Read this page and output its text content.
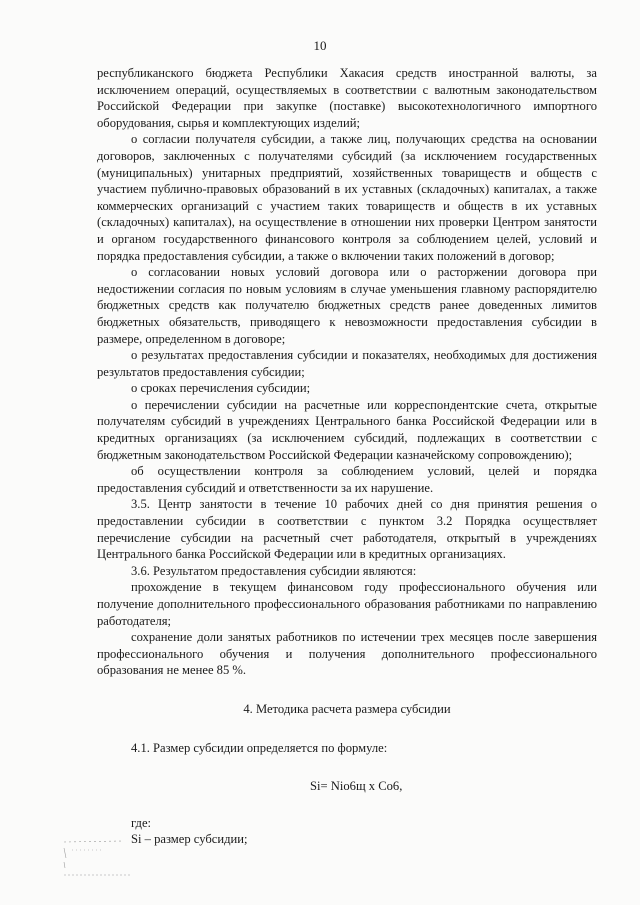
10

республиканского бюджета Республики Хакасия средств иностранной валюты, за исключением операций, осуществляемых в соответствии с валютным законодательством Российской Федерации при закупке (поставке) высокотехнологичного импортного оборудования, сырья и комплектующих изделий;

о согласии получателя субсидии, а также лиц, получающих средства на основании договоров, заключенных с получателями субсидий (за исключением государственных (муниципальных) унитарных предприятий, хозяйственных товариществ и обществ с участием публично-правовых образований в их уставных (складочных) капиталах, а также коммерческих организаций с участием таких товариществ и обществ в их уставных (складочных) капиталах), на осуществление в отношении них проверки Центром занятости и органом государственного финансового контроля за соблюдением целей, условий и порядка предоставления субсидии, а также о включении таких положений в договор;

о согласовании новых условий договора или о расторжении договора при недостижении согласия по новым условиям в случае уменьшения главному распорядителю бюджетных средств как получателю бюджетных средств ранее доведенных лимитов бюджетных обязательств, приводящего к невозможности предоставления субсидии в размере, определенном в договоре;

о результатах предоставления субсидии и показателях, необходимых для достижения результатов предоставления субсидии;

о сроках перечисления субсидии;

о перечислении субсидии на расчетные или корреспондентские счета, открытые получателям субсидий в учреждениях Центрального банка Российской Федерации или в кредитных организациях (за исключением субсидий, подлежащих в соответствии с бюджетным законодательством Российской Федерации казначейскому сопровождению);

об осуществлении контроля за соблюдением условий, целей и порядка предоставления субсидий и ответственности за их нарушение.

3.5. Центр занятости в течение 10 рабочих дней со дня принятия решения о предоставлении субсидии в соответствии с пунктом 3.2 Порядка осуществляет перечисление субсидии на расчетный счет работодателя, открытый в учреждениях Центрального банка Российской Федерации или в кредитных организациях.

3.6. Результатом предоставления субсидии являются:

прохождение в текущем финансовом году профессионального обучения или получение дополнительного профессионального образования работниками по направлению работодателя;

сохранение доли занятых работников по истечении трех месяцев после завершения профессионального обучения и получения дополнительного профессионального образования не менее 85 %.

4. Методика расчета размера субсидии

4.1. Размер субсидии определяется по формуле:

Si= Nio6щ x Co6,

где:

Si – размер субсидии;
